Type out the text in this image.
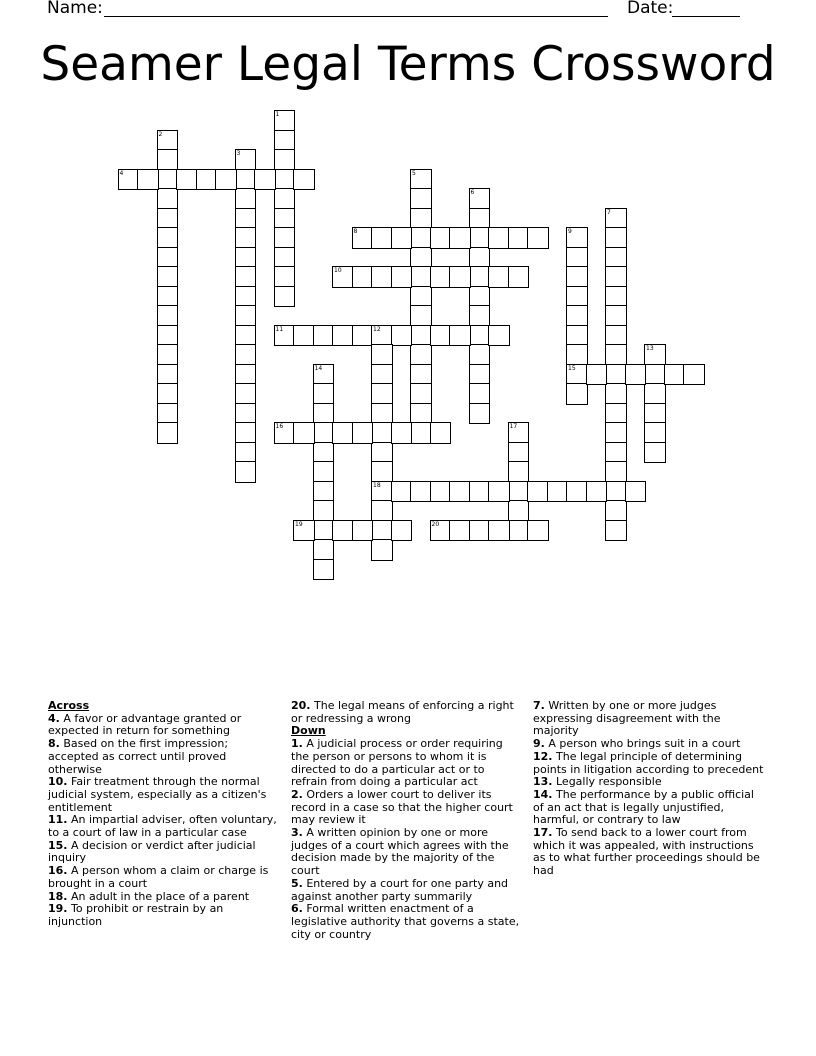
Name:	Date:
Seamer Legal Terms Crossword
1
2
3
4	5
6
7
8	9
15
10
11	12
18
13
14
16	17
19	20
Across
4. A favor or advantage granted or expected in return for something
8. Based on the first impression; accepted as correct until proved otherwise
10. Fair treatment through the normal judicial system, especially as a citizen's entitlement
11. An impartial adviser, often voluntary, to a court of law in a particular case
15. A decision or verdict after judicial inquiry
16. A person whom a claim or charge is brought in a court
18. An adult in the place of a parent
19. To prohibit or restrain by an injunction
20. The legal means of enforcing a right or redressing a wrong
Down
1. A judicial process or order requiring the person or persons to whom it is directed to do a particular act or to refrain from doing a particular act
2. Orders a lower court to deliver its record in a case so that the higher court may review it
3. A written opinion by one or more judges of a court which agrees with the decision made by the majority of the court
5. Entered by a court for one party and against another party summarily
6. Formal written enactment of a legislative authority that governs a state, city or country
7. Written by one or more judges expressing disagreement with the majority
9. A person who brings suit in a court
12. The legal principle of determining points in litigation according to precedent
13. Legally responsible
14. The performance by a public official of an act that is legally unjustified, harmful, or contrary to law
17. To send back to a lower court from which it was appealed, with instructions as to what further proceedings should be had
